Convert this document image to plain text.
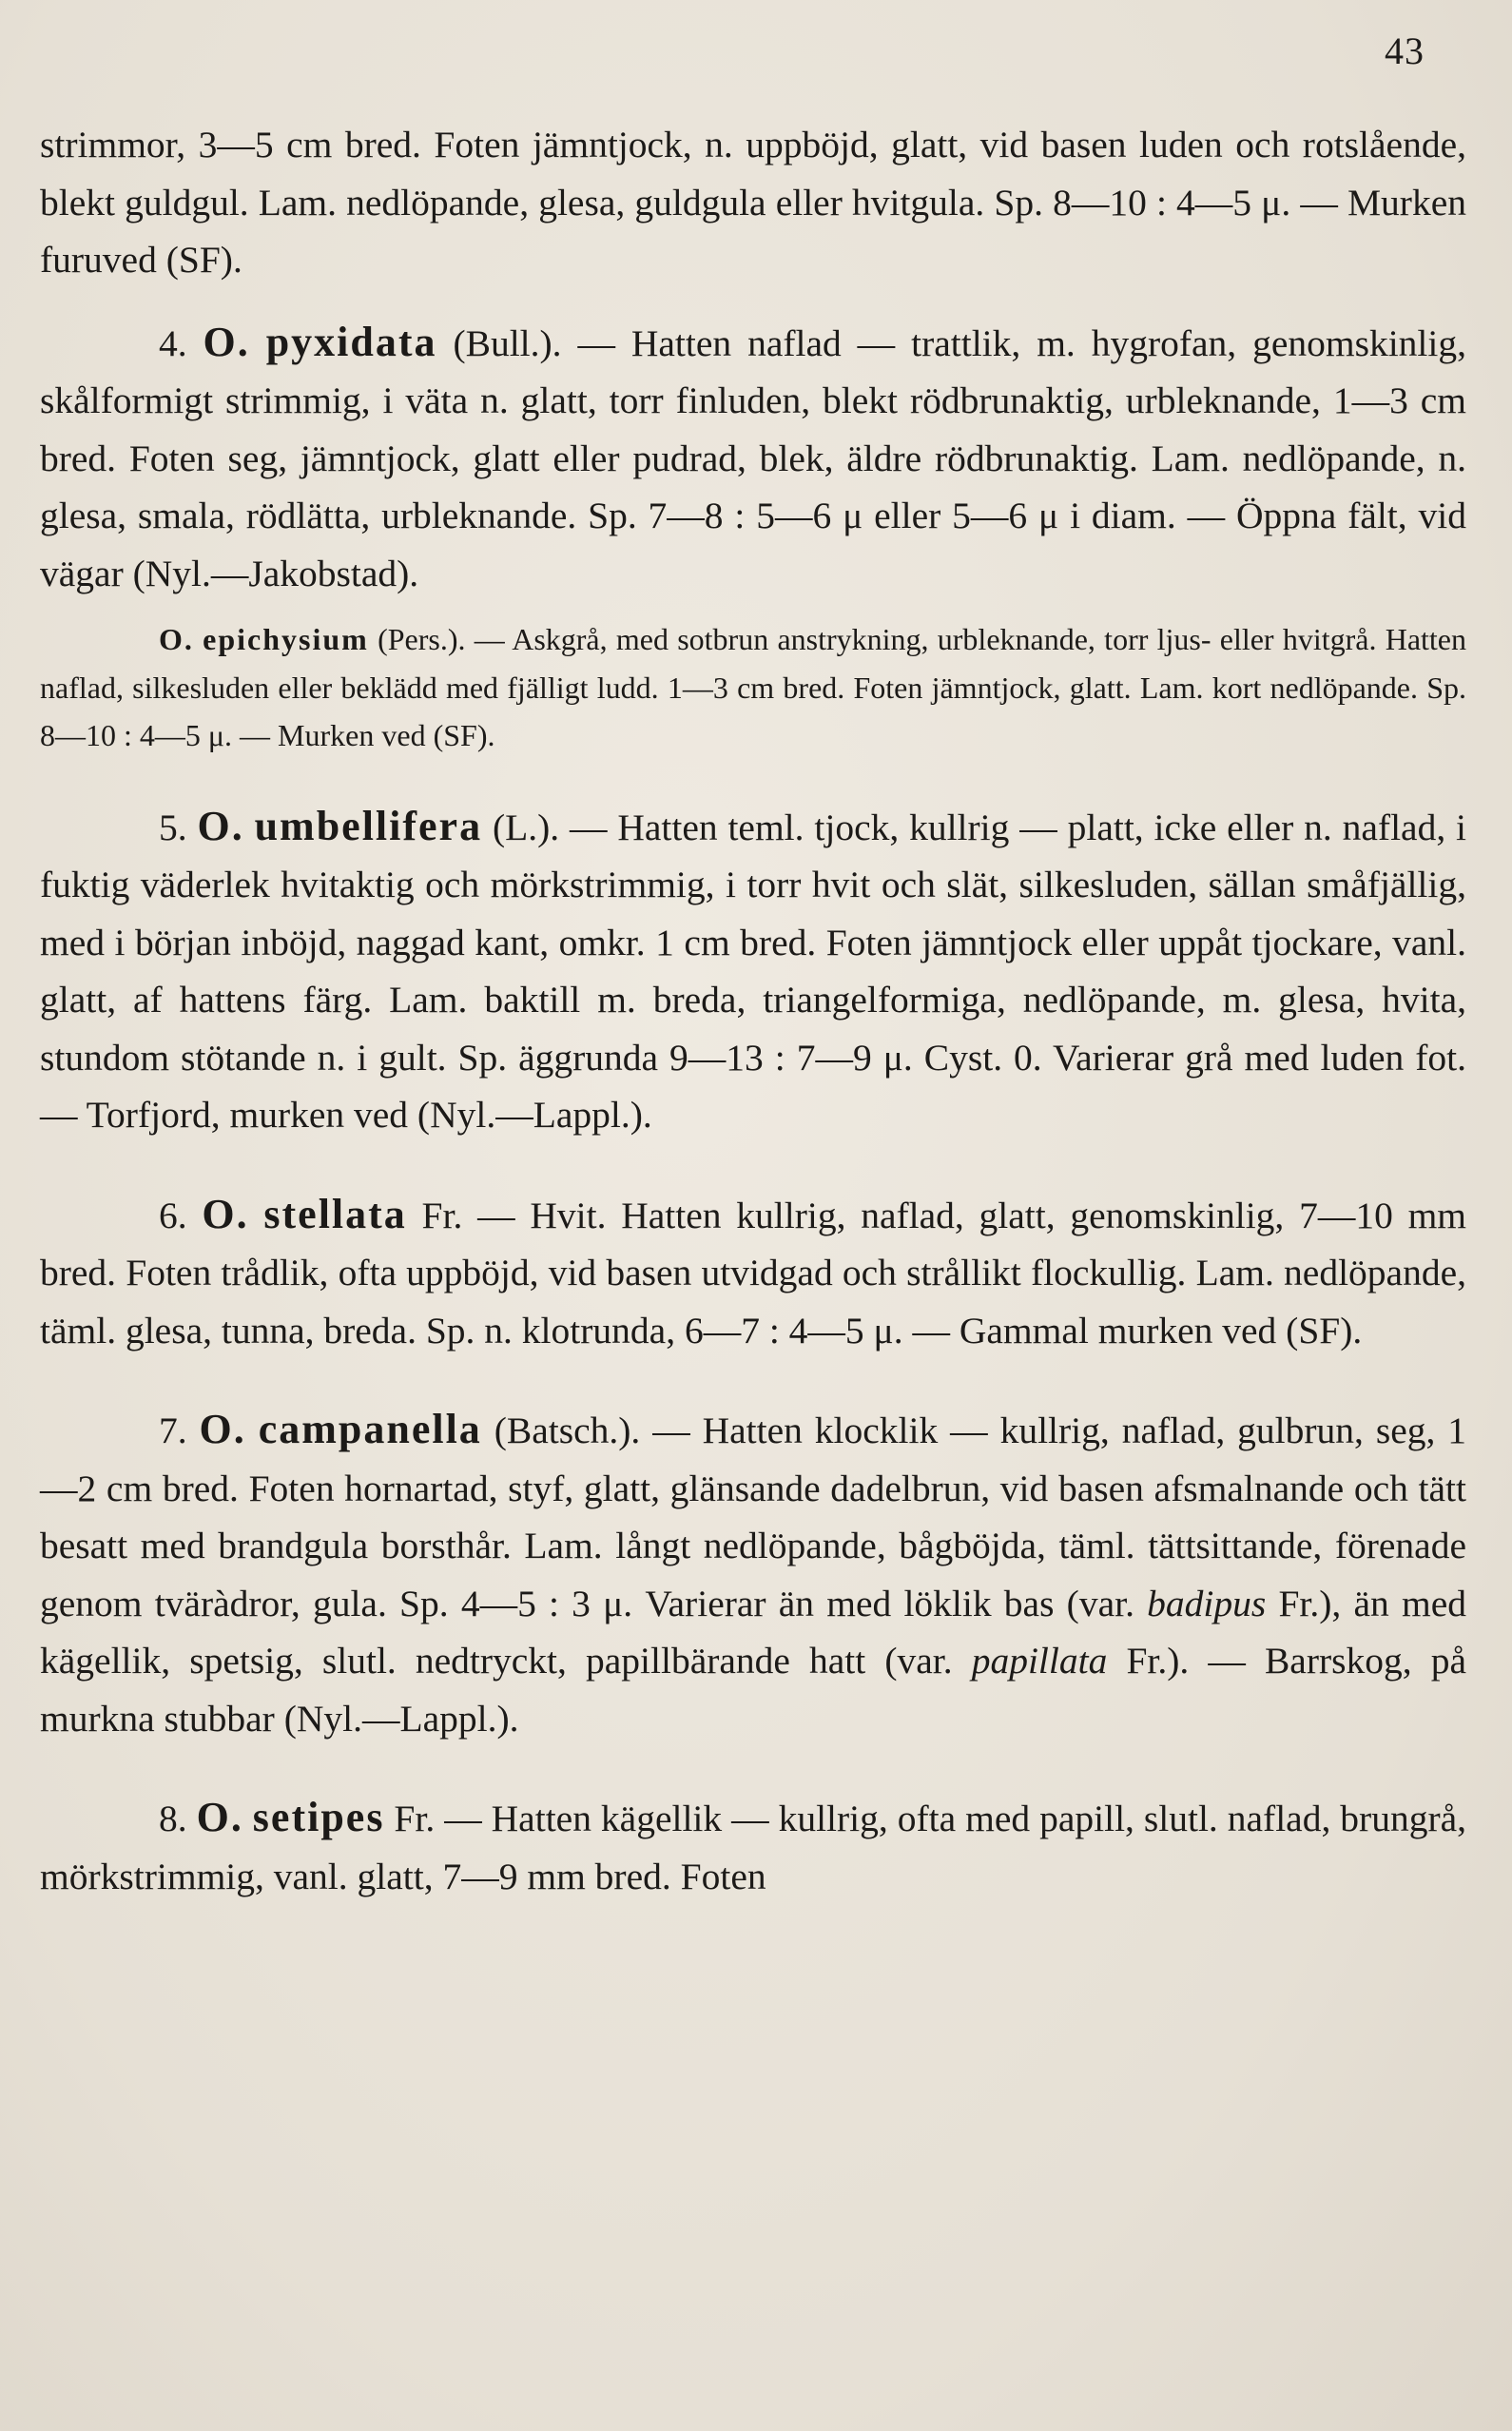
43

strimmor, 3—5 cm bred. Foten jämntjock, n. uppböjd, glatt, vid basen luden och rotslående, blekt guldgul. Lam. nedlöpande, glesa, guldgula eller hvitgula. Sp. 8—10 : 4—5 μ. — Murken furuved (SF).

4. O. pyxidata (Bull.). — Hatten naflad — trattlik, m. hygrofan, genomskinlig, skålformigt strimmig, i väta n. glatt, torr finluden, blekt rödbrunaktig, urbleknande, 1—3 cm bred. Foten seg, jämntjock, glatt eller pudrad, blek, äldre rödbrunaktig. Lam. nedlöpande, n. glesa, smala, rödlätta, urbleknande. Sp. 7—8 : 5—6 μ eller 5—6 μ i diam. — Öppna fält, vid vägar (Nyl.—Jakobstad).

O. epichysium (Pers.). — Askgrå, med sotbrun anstrykning, urbleknande, torr ljus- eller hvitgrå. Hatten naflad, silkesluden eller beklädd med fjälligt ludd. 1—3 cm bred. Foten jämntjock, glatt. Lam. kort nedlöpande. Sp. 8—10 : 4—5 μ. — Murken ved (SF).

5. O. umbellifera (L.). — Hatten teml. tjock, kullrig — platt, icke eller n. naflad, i fuktig väderlek hvitaktig och mörkstrimmig, i torr hvit och slät, silkesluden, sällan småfjällig, med i början inböjd, naggad kant, omkr. 1 cm bred. Foten jämntjock eller uppåt tjockare, vanl. glatt, af hattens färg. Lam. baktill m. breda, triangelformiga, nedlöpande, m. glesa, hvita, stundom stötande n. i gult. Sp. äggrunda 9—13 : 7—9 μ. Cyst. 0. Varierar grå med luden fot. — Torfjord, murken ved (Nyl.—Lappl.).

6. O. stellata Fr. — Hvit. Hatten kullrig, naflad, glatt, genomskinlig, 7—10 mm bred. Foten trådlik, ofta uppböjd, vid basen utvidgad och strållikt flockullig. Lam. nedlöpande, täml. glesa, tunna, breda. Sp. n. klotrunda, 6—7 : 4—5 μ. — Gammal murken ved (SF).

7. O. campanella (Batsch.). — Hatten klocklik — kullrig, naflad, gulbrun, seg, 1—2 cm bred. Foten hornartad, styf, glatt, glänsande dadelbrun, vid basen afsmalnande och tätt besatt med brandgula borsthår. Lam. långt nedlöpande, bågböjda, täml. tättsittande, förenade genom tväràdror, gula. Sp. 4—5 : 3 μ. Varierar än med löklik bas (var. badipus Fr.), än med kägellik, spetsig, slutl. nedtryckt, papillbärande hatt (var. papillata Fr.). — Barrskog, på murkna stubbar (Nyl.—Lappl.).

8. O. setipes Fr. — Hatten kägellik — kullrig, ofta med papill, slutl. naflad, brungrå, mörkstrimmig, vanl. glatt, 7—9 mm bred. Foten
